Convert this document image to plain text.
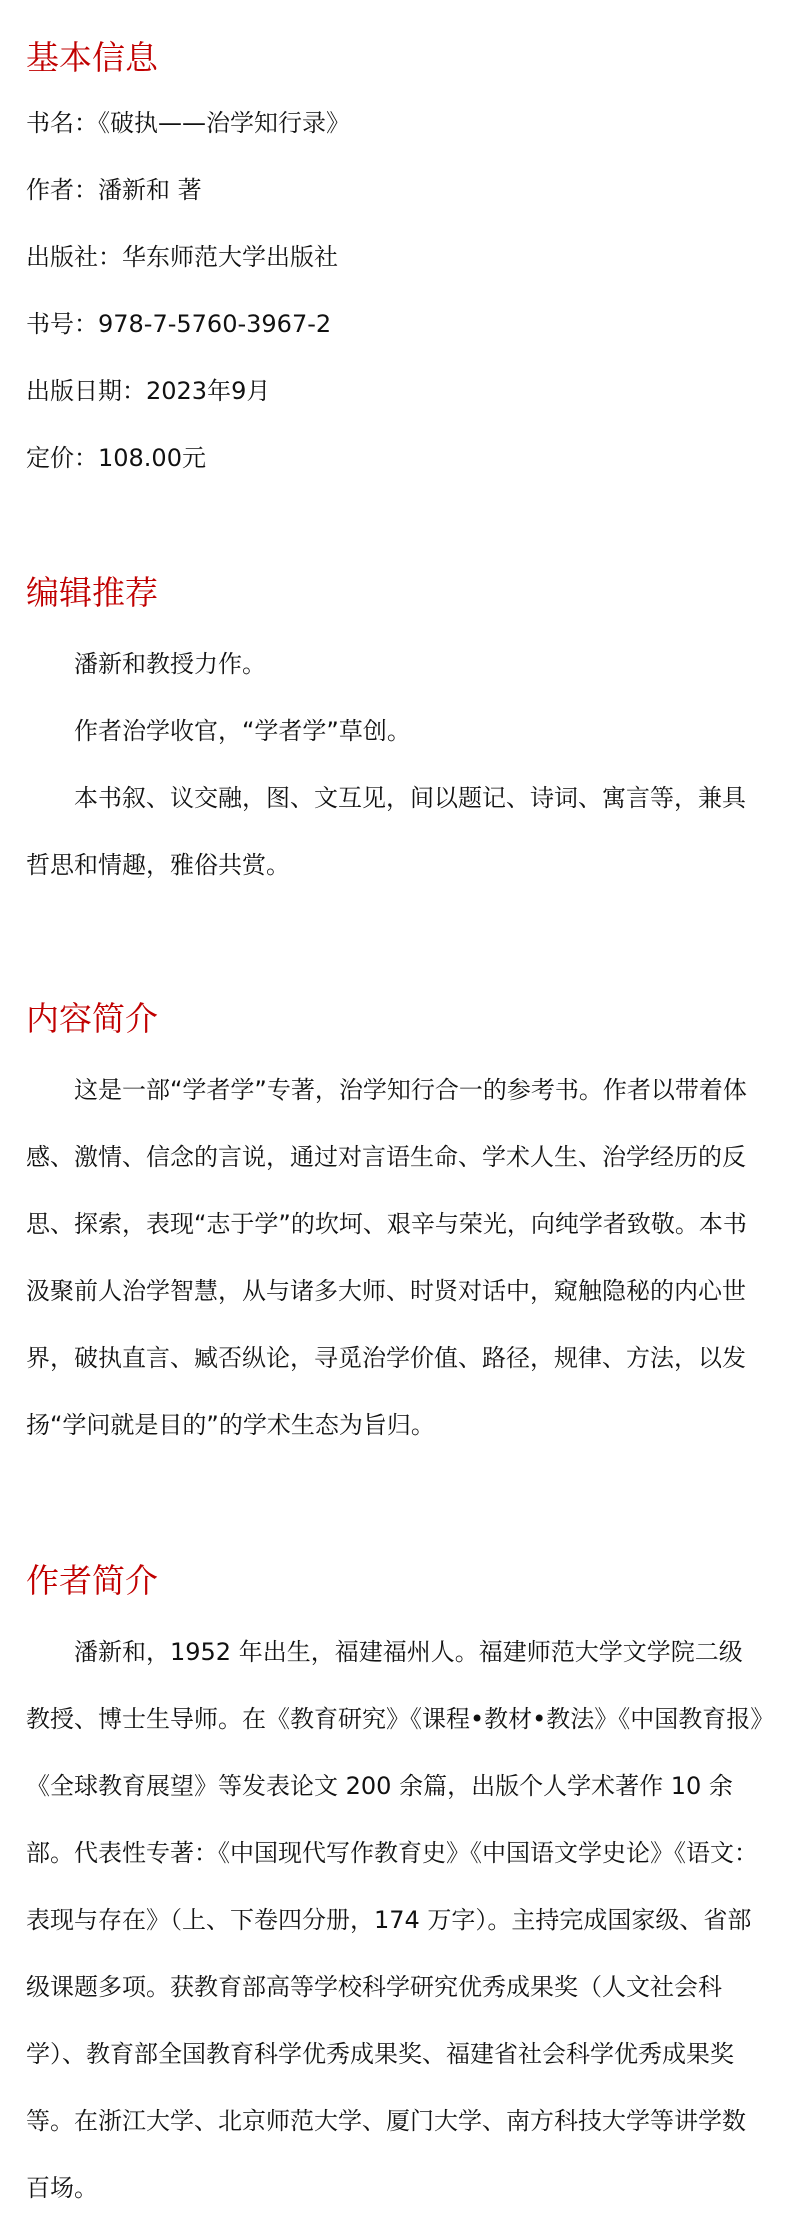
基本信息

书名：《破执——治学知行录》

作者：潘新和 著

出版社：华东师范大学出版社

书号：978-7-5760-3967-2

出版日期：2023年9月

定价：108.00元

编辑推荐

潘新和教授力作。

作者治学收官，“学者学”草创。

本书叙、议交融，图、文互见，间以题记、诗词、寓言等，兼具哲思和情趣，雅俗共赏。

内容简介

这是一部“学者学”专著，治学知行合一的参考书。作者以带着体感、激情、信念的言说，通过对言语生命、学术人生、治学经历的反思、探索，表现“志于学”的坎坷、艰辛与荣光，向纯学者致敬。本书汲聚前人治学智慧，从与诸多大师、时贤对话中，窥触隐秘的内心世界，破执直言、臧否纵论，寻觅治学价值、路径，规律、方法，以发扬“学问就是目的”的学术生态为旨归。

作者简介

潘新和，1952 年出生，福建福州人。福建师范大学文学院二级教授、博士生导师。在《教育研究》《课程•教材•教法》《中国教育报》《全球教育展望》等发表论文 200 余篇，出版个人学术著作 10 余部。代表性专著：《中国现代写作教育史》《中国语文学史论》《语文：表现与存在》（上、下卷四分册，174 万字）。主持完成国家级、省部级课题多项。获教育部高等学校科学研究优秀成果奖（人文社会科学）、教育部全国教育科学优秀成果奖、福建省社会科学优秀成果奖等。在浙江大学、北京师范大学、厦门大学、南方科技大学等讲学数百场。
